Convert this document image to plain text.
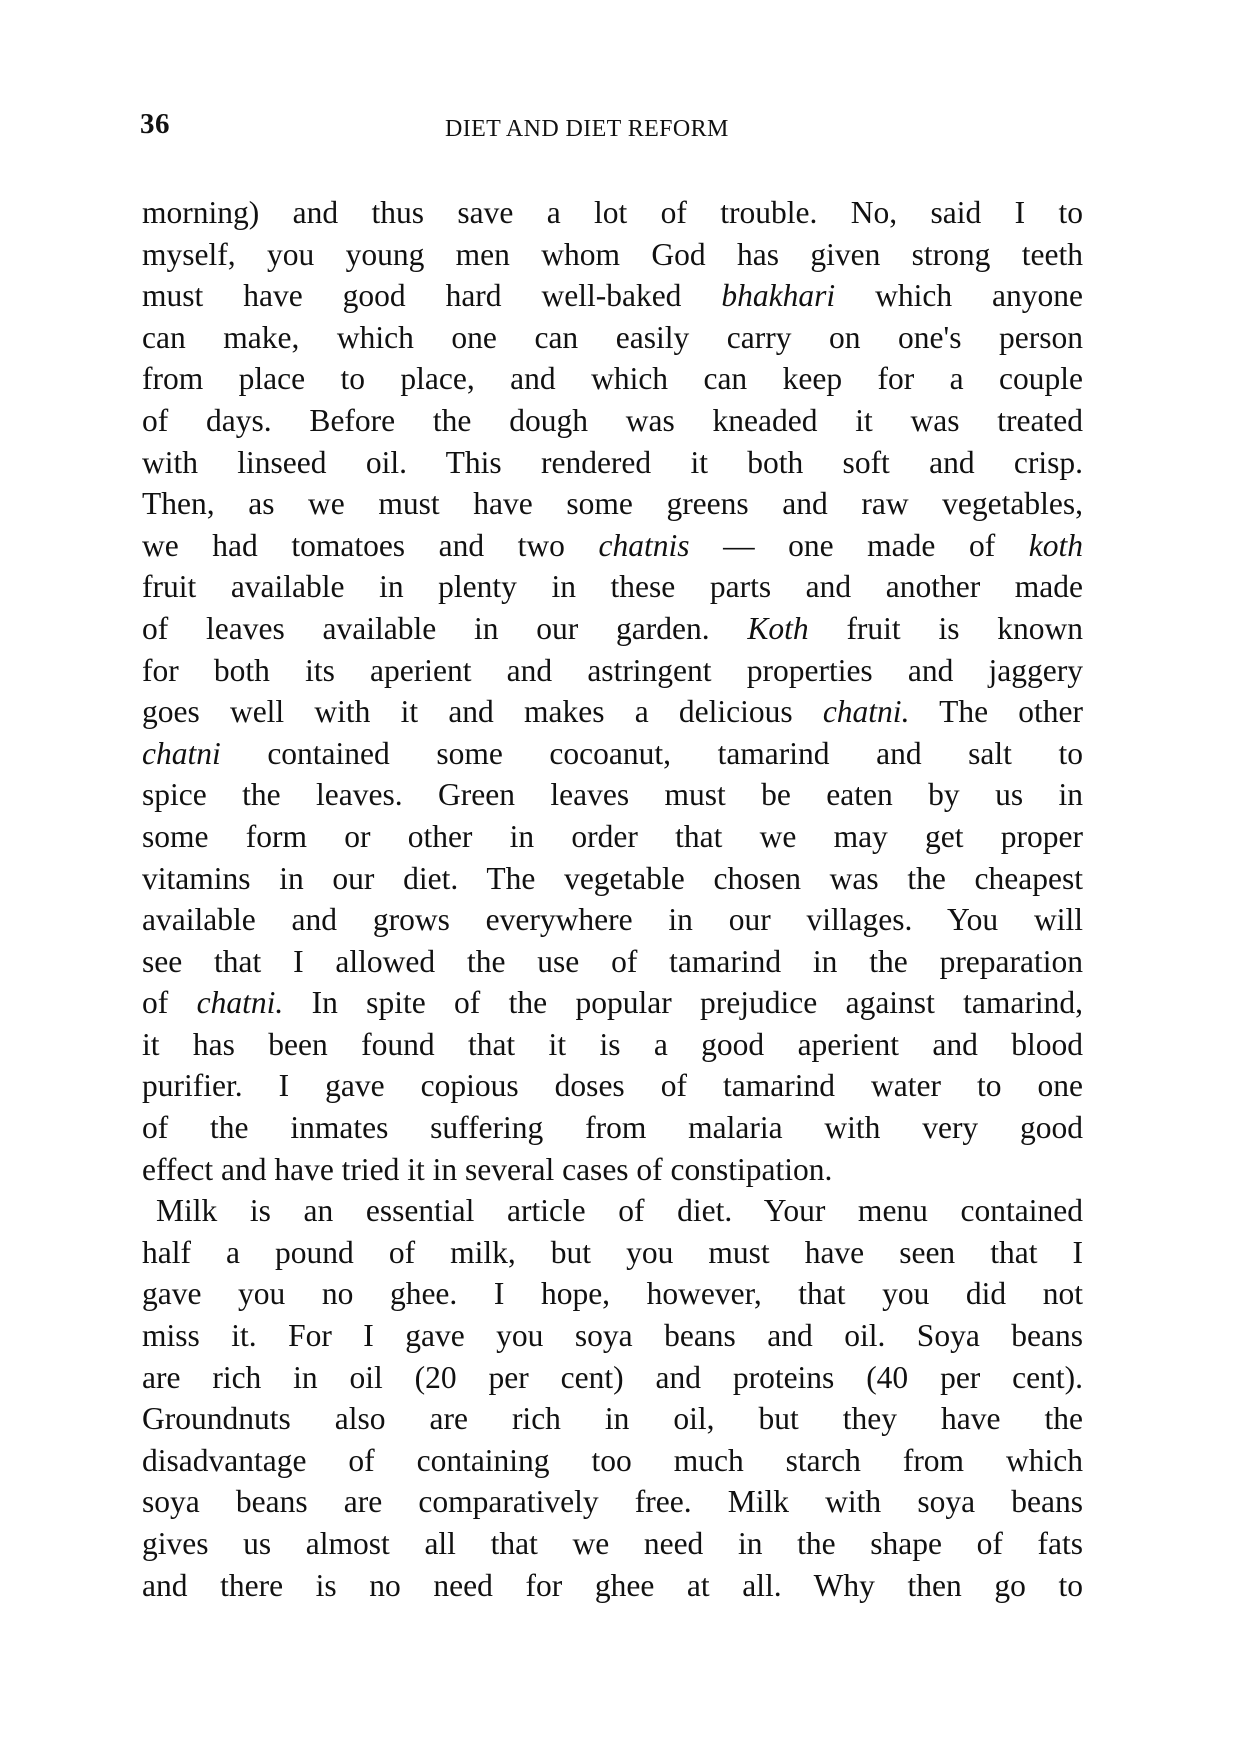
36	DIET AND DIET REFORM
morning) and thus save a lot of trouble. No, said I to
myself, you young men whom God has given strong teeth
must have good hard well-baked bhakhari which anyone
can make, which one can easily carry on one's person
from place to place, and which can keep for a couple
of days. Before the dough was kneaded it was treated
with linseed oil. This rendered it both soft and crisp.
Then, as we must have some greens and raw vegetables,
we had tomatoes and two chatnis — one made of koth
fruit available in plenty in these parts and another made
of leaves available in our garden. Koth fruit is known
for both its aperient and astringent properties and jaggery
goes well with it and makes a delicious chatni. The other
chatni contained some cocoanut, tamarind and salt to
spice the leaves. Green leaves must be eaten by us in
some form or other in order that we may get proper
vitamins in our diet. The vegetable chosen was the cheapest
available and grows everywhere in our villages. You will
see that I allowed the use of tamarind in the preparation
of chatni. In spite of the popular prejudice against tamarind,
it has been found that it is a good aperient and blood
purifier. I gave copious doses of tamarind water to one
of the inmates suffering from malaria with very good
effect and have tried it in several cases of constipation.
Milk is an essential article of diet. Your menu contained
half a pound of milk, but you must have seen that I
gave you no ghee. I hope, however, that you did not
miss it. For I gave you soya beans and oil. Soya beans
are rich in oil (20 per cent) and proteins (40 per cent).
Groundnuts also are rich in oil, but they have the
disadvantage of containing too much starch from which
soya beans are comparatively free. Milk with soya beans
gives us almost all that we need in the shape of fats
and there is no need for ghee at all. Why then go to
